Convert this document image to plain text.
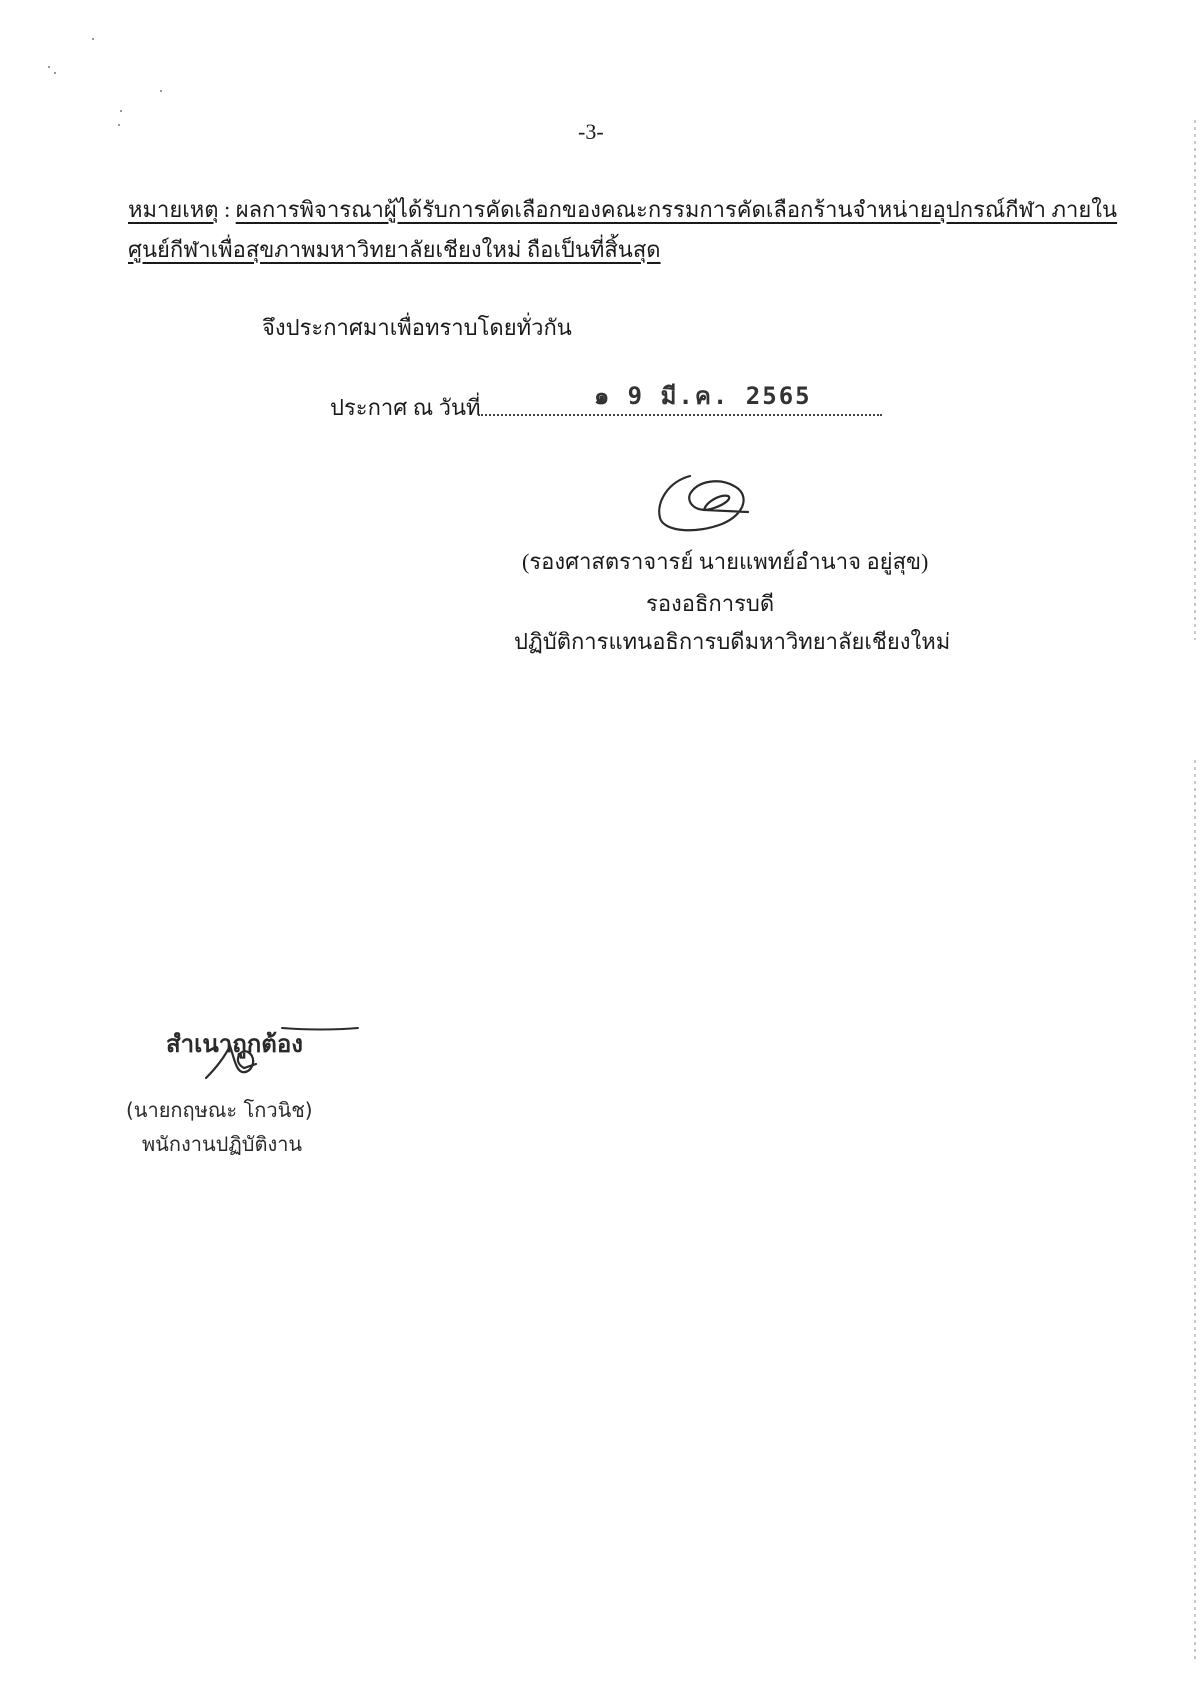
-3-
หมายเหตุ : ผลการพิจารณาผู้ได้รับการคัดเลือกของคณะกรรมการคัดเลือกร้านจำหน่ายอุปกรณ์กีฬา ภายใน
ศูนย์กีฬาเพื่อสุขภาพมหาวิทยาลัยเชียงใหม่ ถือเป็นที่สิ้นสุด
จึงประกาศมาเพื่อทราบโดยทั่วกัน
ประกาศ ณ วันที่	๑ 9 มี.ค. 2565
(รองศาสตราจารย์ นายแพทย์อำนาจ อยู่สุข)
รองอธิการบดี
ปฏิบัติการแทนอธิการบดีมหาวิทยาลัยเชียงใหม่
สำเนาถูกต้อง
(นายกฤษณะ โกวนิช)
พนักงานปฏิบัติงาน
